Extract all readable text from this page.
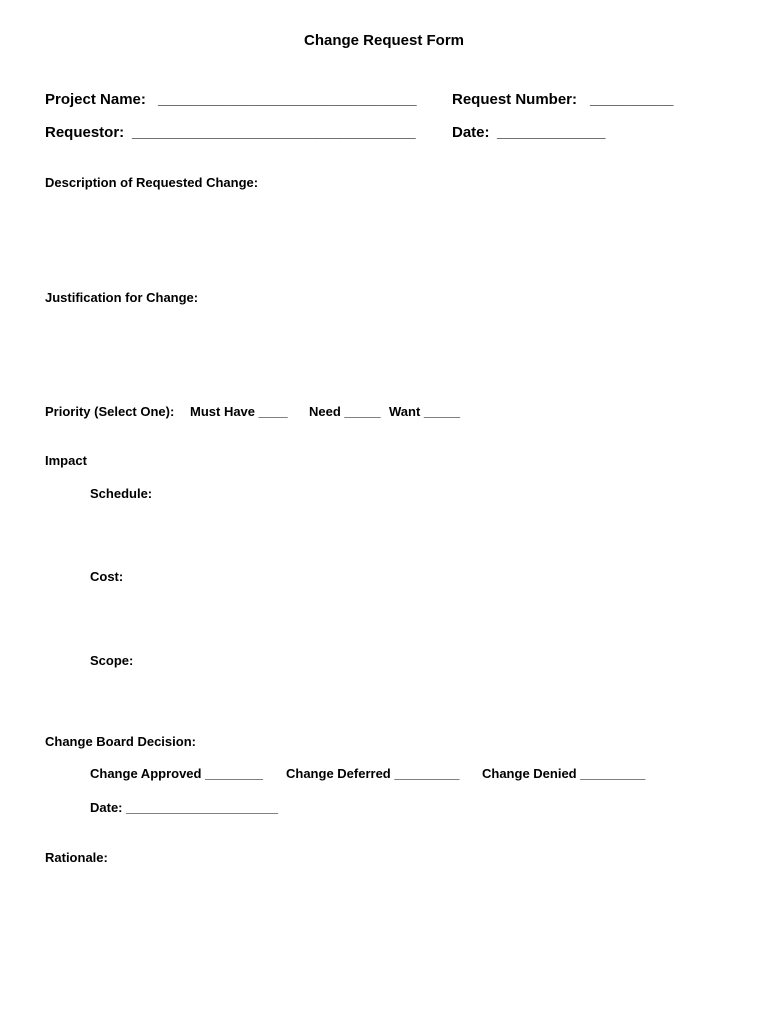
Change Request Form
Project Name: _______________________________ Request Number: __________
Requestor: __________________________________ Date: _____________
Description of Requested Change:
Justification for Change:
Priority (Select One): Must Have ____ Need _____ Want _____
Impact
Schedule:
Cost:
Scope:
Change Board Decision:
Change Approved ________ Change Deferred _________ Change Denied _________
Date: _____________________
Rationale:
